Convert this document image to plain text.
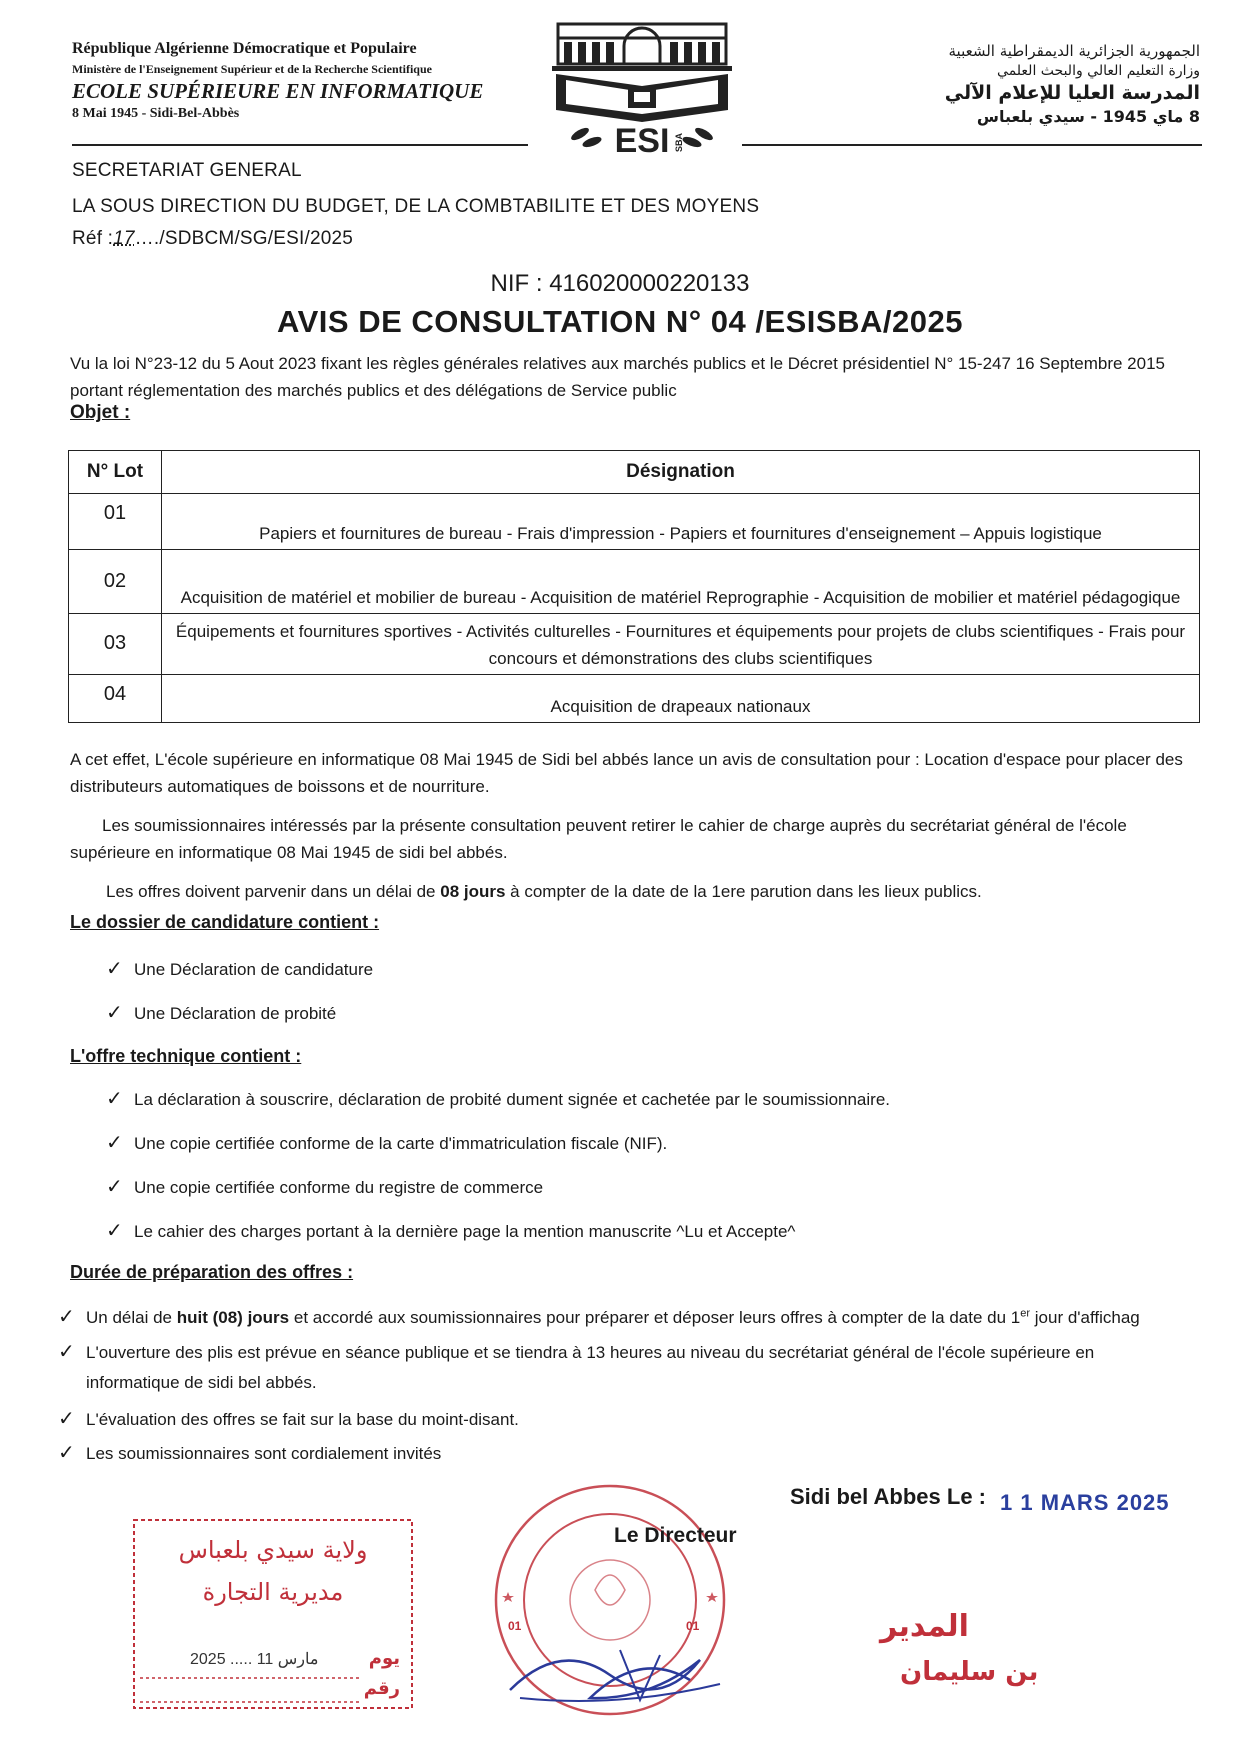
République Algérienne Démocratique et Populaire
Ministère de l'Enseignement Supérieur et de la Recherche Scientifique
ECOLE SUPÉRIEURE EN INFORMATIQUE
8 Mai 1945 - Sidi-Bel-Abbès
ESI SBA
الجمهورية الجزائرية الديمقراطية الشعبية
وزارة التعليم العالي والبحث العلمي
المدرسة العليا للإعلام الآلي
8 ماي 1945 - سيدي بلعباس
SECRETARIAT GENERAL
LA SOUS DIRECTION DU BUDGET, DE LA COMBTABILITE ET DES MOYENS
Réf :17…./SDBCM/SG/ESI/2025
NIF : 416020000220133
AVIS DE CONSULTATION N° 04 /ESISBA/2025
Vu la loi N°23-12 du 5 Aout 2023 fixant les règles générales relatives aux marchés publics et le Décret présidentiel N° 15-247 16 Septembre 2015 portant réglementation des marchés publics et des délégations de Service public
Objet :
N° Lot	Désignation
01	Papiers et fournitures de bureau - Frais d'impression - Papiers et fournitures d'enseignement – Appuis logistique
02	Acquisition de matériel et mobilier de bureau - Acquisition de matériel Reprographie - Acquisition de mobilier et matériel pédagogique
03	Équipements et fournitures sportives - Activités culturelles - Fournitures et équipements pour projets de clubs scientifiques - Frais pour concours et démonstrations des clubs scientifiques
04	Acquisition de drapeaux nationaux
A cet effet, L'école supérieure en informatique 08 Mai 1945 de Sidi bel abbés lance un avis de consultation pour : Location d'espace pour placer des distributeurs automatiques de boissons et de nourriture.
Les soumissionnaires intéressés par la présente consultation peuvent retirer le cahier de charge auprès du secrétariat général de l'école supérieure en informatique 08 Mai 1945 de sidi bel abbés.
Les offres doivent parvenir dans un délai de 08 jours à compter de la date de la 1ere parution dans les lieux publics.
Le dossier de candidature contient :
✓ Une Déclaration de candidature
✓ Une Déclaration de probité
L'offre technique contient :
✓ La déclaration à souscrire, déclaration de probité dument signée et cachetée par le soumissionnaire.
✓ Une copie certifiée conforme de la carte d'immatriculation fiscale (NIF).
✓ Une copie certifiée conforme du registre de commerce
✓ Le cahier des charges portant à la dernière page la mention manuscrite ^Lu et Accepte^
Durée de préparation des offres :
✓ Un délai de huit (08) jours et accordé aux soumissionnaires pour préparer et déposer leurs offres à compter de la date du 1er jour d'affichag
✓ L'ouverture des plis est prévue en séance publique et se tiendra à 13 heures au niveau du secrétariat général de l'école supérieure en informatique de sidi bel abbés.
✓ L'évaluation des offres se fait sur la base du moint-disant.
✓ Les soumissionnaires sont cordialement invités
Sidi bel Abbes Le : 1 1 MARS 2025
ولاية سيدي بلعباس
مديرية التجارة
2025 ..... مارس 11	يوم
رقم
01	01
Le Directeur
المدير
بن سليمان
